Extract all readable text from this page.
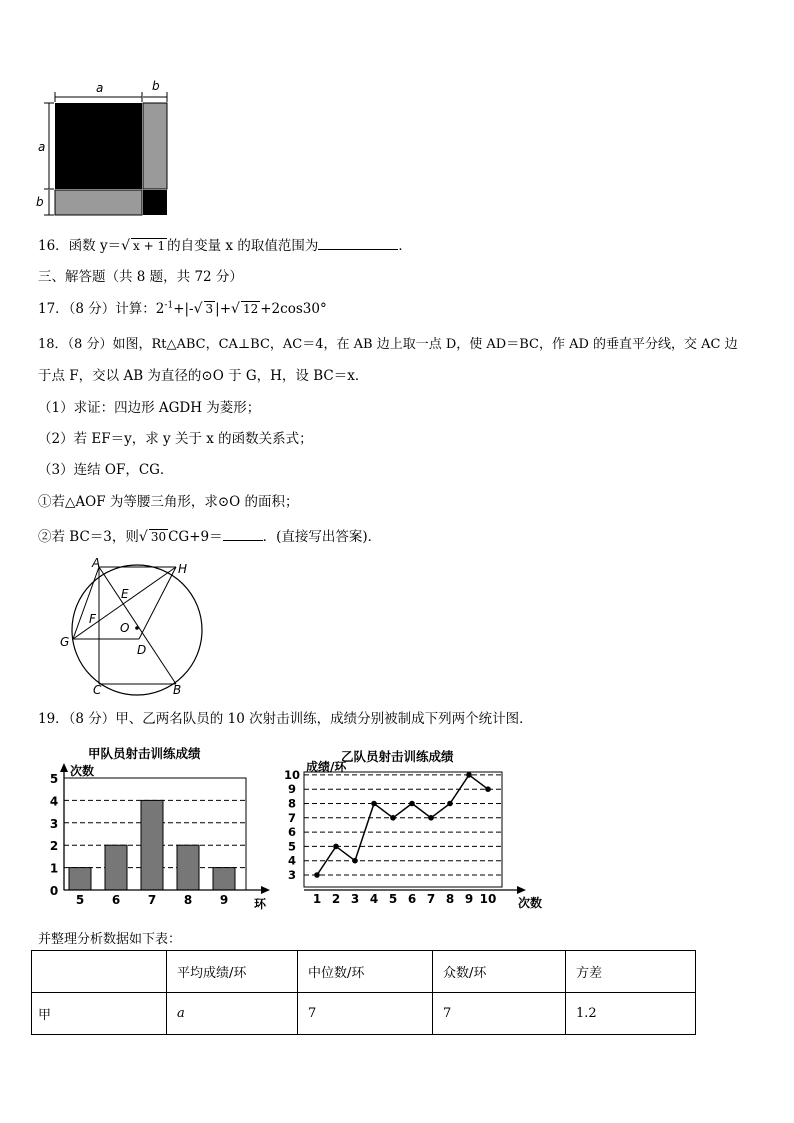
a	b
a
b
16．函数 y＝√ x + 1 的自变量 x 的取值范围为	．
三、解答题（共 8 题，共 72 分）
17．（8 分）计算：$2^{-1}+|-√$ 3 |+√ 12 +2cos30°
18．（8 分）如图，Rt△ABC，CA⊥BC，AC＝4，在 AB 边上取一点 D，使 AD＝BC，作 AD 的垂直平分线，交 AC 边
于点 F，交以 AB 为直径的⊙O 于 G，H，设 BC＝x．
（1）求证：四边形 AGDH 为菱形；
（2）若 EF＝y，求 y 关于 x 的函数关系式；
（3）连结 OF，CG．
①若△AOF 为等腰三角形，求⊙O 的面积；
②若 BC＝3，则√ 30 CG+9＝	．(直接写出答案)．
A	H
E
F
O
G
D
C	B
19．（8 分）甲、乙两名队员的 10 次射击训练，成绩分别被制成下列两个统计图．
甲队员射击训练成绩	乙队员射击训练成绩
5 6 7 8 9
0
1
2
3
4
5
次数
环
3
4
5
6
7
8
9
10
1 2 3 4 5 6 7 8 9 10
成绩/环
次数
并整理分析数据如下表：
	平均成绩/环	中位数/环	众数/环	方差
甲	a	7	7	1.2
